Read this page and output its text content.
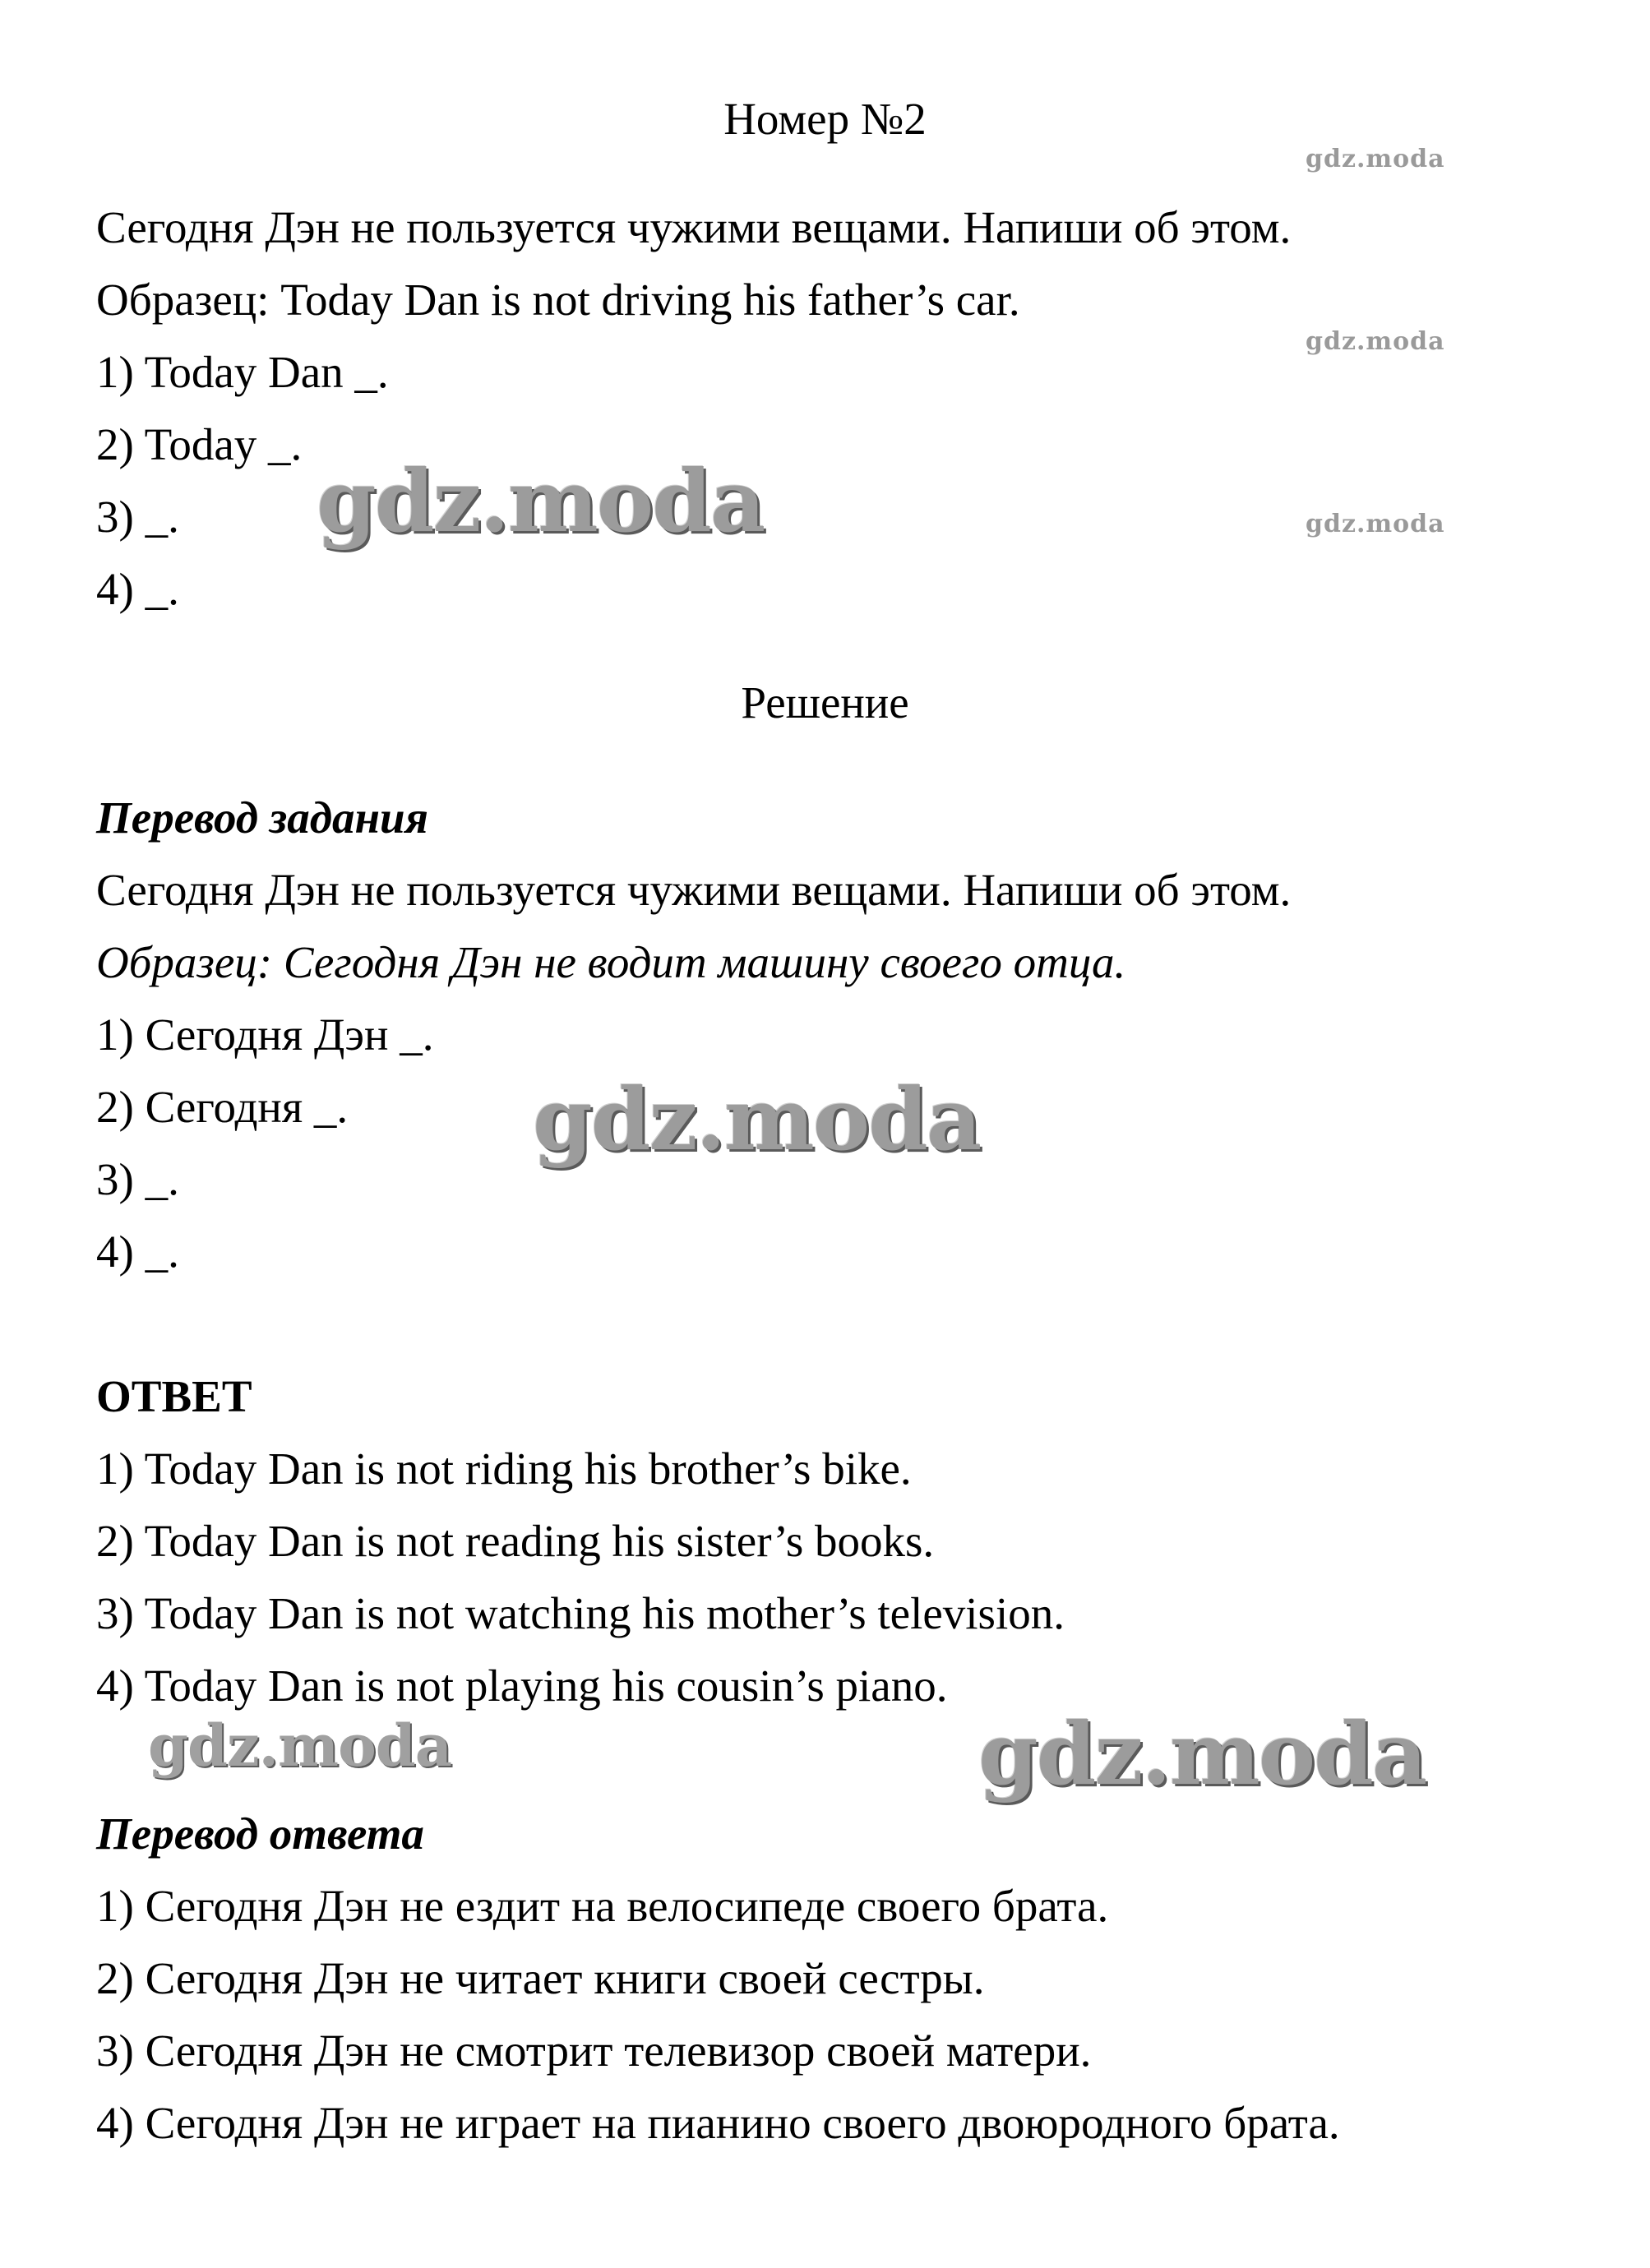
Номер №2
Сегодня Дэн не пользуется чужими вещами. Напиши об этом.
Образец: Today Dan is not driving his father’s car.
1) Today Dan _.
2) Today _.
3) _.
4) _.
Решение
Перевод задания
Сегодня Дэн не пользуется чужими вещами. Напиши об этом.
Образец: Сегодня Дэн не водит машину своего отца.
1) Сегодня Дэн _.
2) Сегодня _.
3) _.
4) _.
ОТВЕТ
1) Today Dan is not riding his brother’s bike.
2) Today Dan is not reading his sister’s books.
3) Today Dan is not watching his mother’s television.
4) Today Dan is not playing his cousin’s piano.
Перевод ответа
1) Сегодня Дэн не ездит на велосипеде своего брата.
2) Сегодня Дэн не читает книги своей сестры.
3) Сегодня Дэн не смотрит телевизор своей матери.
4) Сегодня Дэн не играет на пианино своего двоюродного брата.
gdz.moda
gdz.moda
gdz.moda
gdz.moda
gdz.moda
gdz.moda	gdz.moda
